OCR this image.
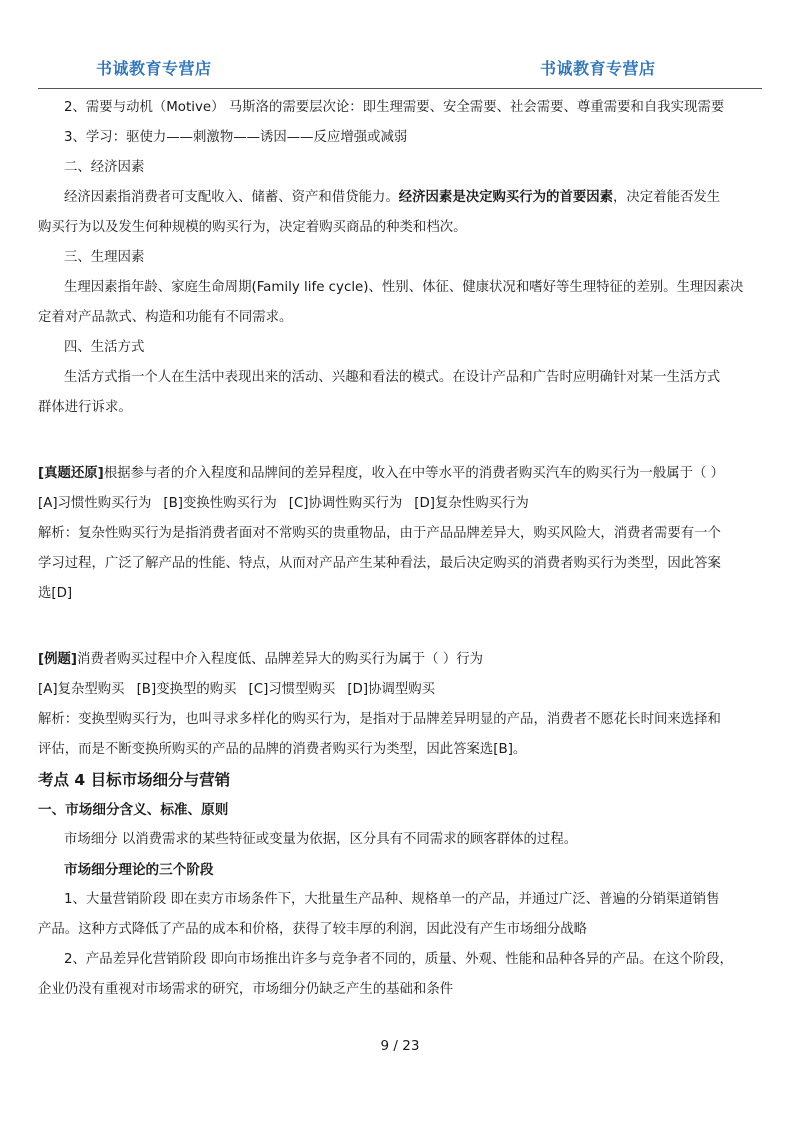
书诚教育专营店	书诚教育专营店
2、需要与动机（Motive） 马斯洛的需要层次论：即生理需要、安全需要、社会需要、尊重需要和自我实现需要
3、学习：驱使力——刺激物——诱因——反应增强或减弱
二、经济因素
经济因素指消费者可支配收入、储蓄、资产和借贷能力。经济因素是决定购买行为的首要因素，决定着能否发生
购买行为以及发生何种规模的购买行为，决定着购买商品的种类和档次。
三、生理因素
生理因素指年龄、家庭生命周期(Family life cycle)、性别、体征、健康状况和嗜好等生理特征的差别。生理因素决
定着对产品款式、构造和功能有不同需求。
四、生活方式
生活方式指一个人在生活中表现出来的活动、兴趣和看法的模式。在设计产品和广告时应明确针对某一生活方式
群体进行诉求。
[真题还原]根据参与者的介入程度和品牌间的差异程度，收入在中等水平的消费者购买汽车的购买行为一般属于（ ）
[A]习惯性购买行为 [B]变换性购买行为 [C]协调性购买行为 [D]复杂性购买行为
解析：复杂性购买行为是指消费者面对不常购买的贵重物品，由于产品品牌差异大，购买风险大，消费者需要有一个
学习过程，广泛了解产品的性能、特点，从而对产品产生某种看法，最后决定购买的消费者购买行为类型，因此答案
选[D]
[例题]消费者购买过程中介入程度低、品牌差异大的购买行为属于（ ）行为
[A]复杂型购买 [B]变换型的购买 [C]习惯型购买 [D]协调型购买
解析：变换型购买行为，也叫寻求多样化的购买行为，是指对于品牌差异明显的产品，消费者不愿花长时间来选择和
评估，而是不断变换所购买的产品的品牌的消费者购买行为类型，因此答案选[B]。
考点 4 目标市场细分与营销
一、市场细分含义、标准、原则
市场细分 以消费需求的某些特征或变量为依据，区分具有不同需求的顾客群体的过程。
市场细分理论的三个阶段
1、大量营销阶段 即在卖方市场条件下，大批量生产品种、规格单一的产品，并通过广泛、普遍的分销渠道销售
产品。这种方式降低了产品的成本和价格，获得了较丰厚的利润，因此没有产生市场细分战略
2、产品差异化营销阶段 即向市场推出许多与竞争者不同的，质量、外观、性能和品种各异的产品。在这个阶段，
企业仍没有重视对市场需求的研究，市场细分仍缺乏产生的基础和条件
9 / 23
